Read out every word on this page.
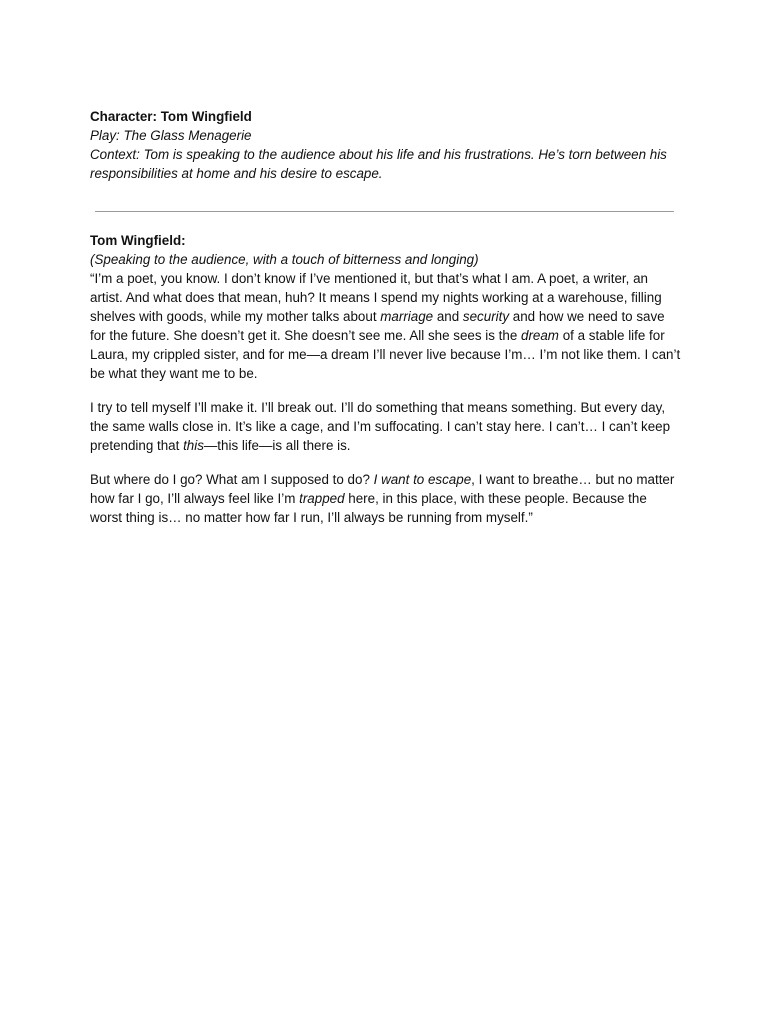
Character: Tom Wingfield
Play: The Glass Menagerie
Context: Tom is speaking to the audience about his life and his frustrations. He’s torn between his responsibilities at home and his desire to escape.
Tom Wingfield:
(Speaking to the audience, with a touch of bitterness and longing)

“I’m a poet, you know. I don’t know if I’ve mentioned it, but that’s what I am. A poet, a writer, an artist. And what does that mean, huh? It means I spend my nights working at a warehouse, filling shelves with goods, while my mother talks about marriage and security and how we need to save for the future. She doesn’t get it. She doesn’t see me. All she sees is the dream of a stable life for Laura, my crippled sister, and for me—a dream I’ll never live because I’m… I’m not like them. I can’t be what they want me to be.

I try to tell myself I’ll make it. I’ll break out. I’ll do something that means something. But every day, the same walls close in. It’s like a cage, and I’m suffocating. I can’t stay here. I can’t… I can’t keep pretending that this—this life—is all there is.

But where do I go? What am I supposed to do? I want to escape, I want to breathe… but no matter how far I go, I’ll always feel like I’m trapped here, in this place, with these people. Because the worst thing is… no matter how far I run, I’ll always be running from myself.”
